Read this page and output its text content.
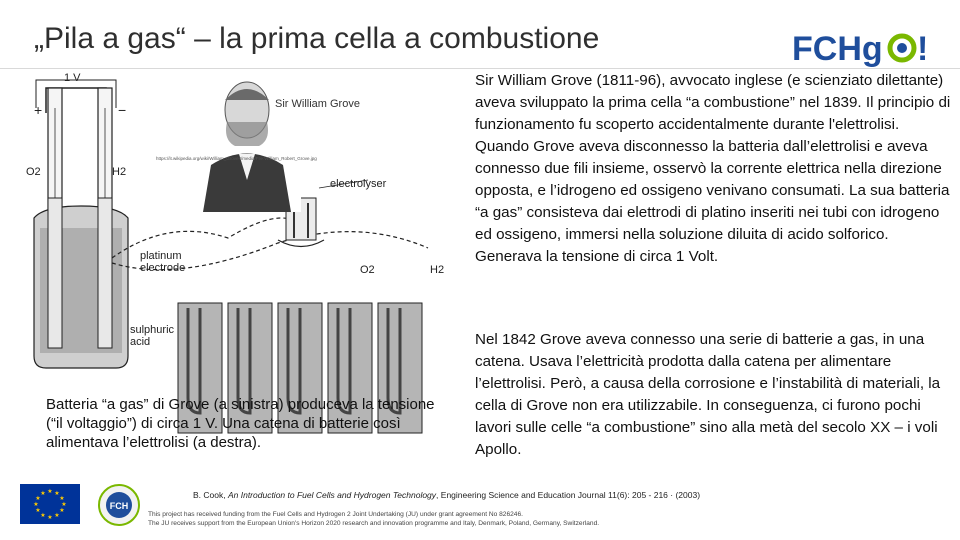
„Pila a gas“ – la prima cella a combustione	FCHg !
Sir William Grove
https://it.wikipedia.org/wiki/William_Grove#/media/File:William_Robert_Grove.jpg
1 V
+	−
O2	H2
electrolyser
platinum
electrode	O2	H2
sulphuric
acid
Batteria “a gas” di Grove (a sinistra) produceva la tensione (“il voltaggio”) di circa 1 V. Una catena di batterie così alimentava l’elettrolisi (a destra).
Sir William Grove (1811-96), avvocato inglese (e scienziato dilettante) aveva sviluppato la prima cella “a combustione” nel 1839. Il principio di funzionamento fu scoperto accidentalmente durante l'elettrolisi. Quando Grove aveva disconnesso la batteria dall’elettrolisi e aveva connesso due fili insieme, osservò la corrente elettrica nella direzione opposta, e l’idrogeno ed ossigeno venivano consumati. La sua batteria “a gas” consisteva dai elettrodi di platino inseriti nei tubi con idrogeno ed ossigeno, immersi nella soluzione diluita di acido solforico. Generava la tensione di circa 1 Volt.
Nel 1842 Grove aveva connesso una serie di batterie a gas, in una catena. Usava l’elettricità prodotta dalla catena per alimentare l’elettrolisi. Però, a causa della corrosione e l’instabilità di materiali, la cella di Grove non era utilizzabile. In conseguenza, ci furono pochi lavori sulle celle “a combustione” sino alla metà del secolo XX – i voli Apollo.
★ ★
★
★
★
★
★
★
★
★
★
★
FCH
B. Cook, An Introduction to Fuel Cells and Hydrogen Technology, Engineering Science and Education Journal 11(6): 205 - 216 · (2003)
This project has received funding from the Fuel Cells and Hydrogen 2 Joint Undertaking (JU) under grant agreement No 826246.
The JU receives support from the European Union's Horizon 2020 research and innovation programme and Italy, Denmark, Poland, Germany, Switzerland.
